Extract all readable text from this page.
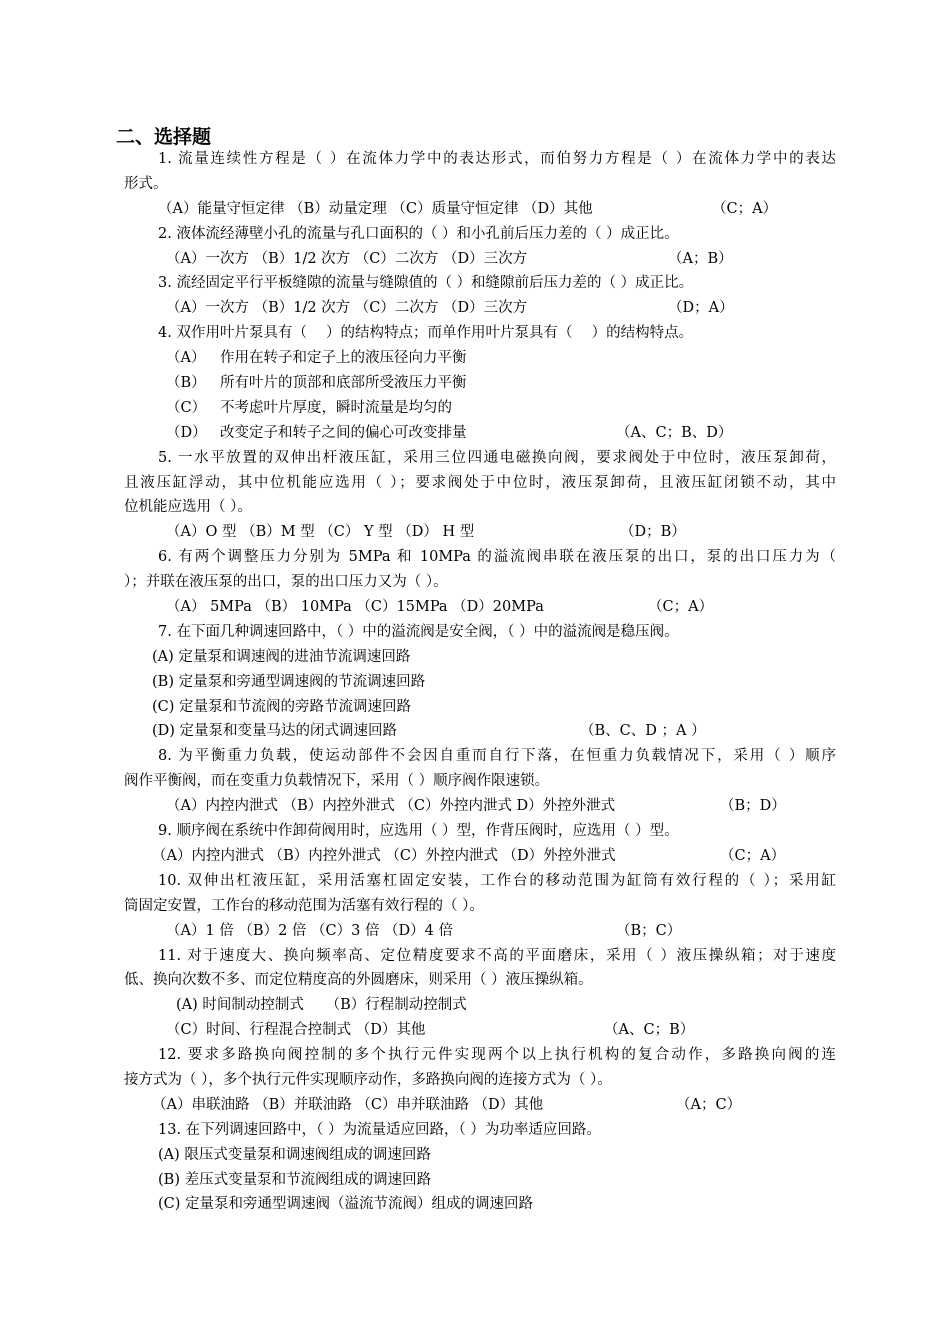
二、选择题
1. 流量连续性方程是（ ）在流体力学中的表达形式，而伯努力方程是（ ）在流体力学中的表达
形式。
（A）能量守恒定律 （B）动量定理 （C）质量守恒定律 （D）其他	（C；A）
2. 液体流经薄壁小孔的流量与孔口面积的（ ）和小孔前后压力差的（ ）成正比。
（A）一次方 （B）1/2 次方 （C）二次方 （D）三次方	（A；B）
3. 流经固定平行平板缝隙的流量与缝隙值的（ ）和缝隙前后压力差的（ ）成正比。
（A）一次方 （B）1/2 次方 （C）二次方 （D）三次方	（D；A）
4. 双作用叶片泵具有（　 ）的结构特点；而单作用叶片泵具有（　 ）的结构特点。
（A） 作用在转子和定子上的液压径向力平衡
（B） 所有叶片的顶部和底部所受液压力平衡
（C） 不考虑叶片厚度，瞬时流量是均匀的
（D） 改变定子和转子之间的偏心可改变排量	（A、C；B、D）
5. 一水平放置的双伸出杆液压缸，采用三位四通电磁换向阀，要求阀处于中位时，液压泵卸荷，
且液压缸浮动，其中位机能应选用（ ）；要求阀处于中位时，液压泵卸荷，且液压缸闭锁不动，其中
位机能应选用（ ）。
（A）O 型 （B）M 型 （C） Y 型 （D） H 型	（D；B）
6. 有两个调整压力分别为 5MPa 和 10MPa 的溢流阀串联在液压泵的出口，泵的出口压力为（
）；并联在液压泵的出口，泵的出口压力又为（ ）。
（A） 5MPa （B） 10MPa （C）15MPa （D）20MPa	（C；A）
7. 在下面几种调速回路中，（ ）中的溢流阀是安全阀，（ ）中的溢流阀是稳压阀。
(A) 定量泵和调速阀的进油节流调速回路
(B) 定量泵和旁通型调速阀的节流调速回路
(C) 定量泵和节流阀的旁路节流调速回路
(D) 定量泵和变量马达的闭式调速回路	（B、C、D ；A ）
8. 为平衡重力负载，使运动部件不会因自重而自行下落，在恒重力负载情况下，采用（ ）顺序
阀作平衡阀，而在变重力负载情况下，采用（ ）顺序阀作限速锁。
（A）内控内泄式 （B）内控外泄式 （C）外控内泄式 D）外控外泄式	（B；D）
9. 顺序阀在系统中作卸荷阀用时，应选用（ ）型，作背压阀时，应选用（ ）型。
（A）内控内泄式 （B）内控外泄式 （C）外控内泄式 （D）外控外泄式	（C；A）
10. 双伸出杠液压缸，采用活塞杠固定安装，工作台的移动范围为缸筒有效行程的（ ）；采用缸
筒固定安置，工作台的移动范围为活塞有效行程的（ ）。
（A）1 倍 （B）2 倍 （C）3 倍 （D）4 倍	（B；C）
11. 对于速度大、换向频率高、定位精度要求不高的平面磨床，采用（ ）液压操纵箱；对于速度
低、换向次数不多、而定位精度高的外圆磨床，则采用（ ）液压操纵箱。
(A) 时间制动控制式　　（B）行程制动控制式
（C）时间、行程混合控制式 （D）其他	（A、C；B）
12. 要求多路换向阀控制的多个执行元件实现两个以上执行机构的复合动作，多路换向阀的连
接方式为（ ），多个执行元件实现顺序动作，多路换向阀的连接方式为（ ）。
（A）串联油路 （B）并联油路 （C）串并联油路 （D）其他	（A；C）
13. 在下列调速回路中，（ ）为流量适应回路，（ ）为功率适应回路。
(A) 限压式变量泵和调速阀组成的调速回路
(B) 差压式变量泵和节流阀组成的调速回路
(C) 定量泵和旁通型调速阀（溢流节流阀）组成的调速回路
